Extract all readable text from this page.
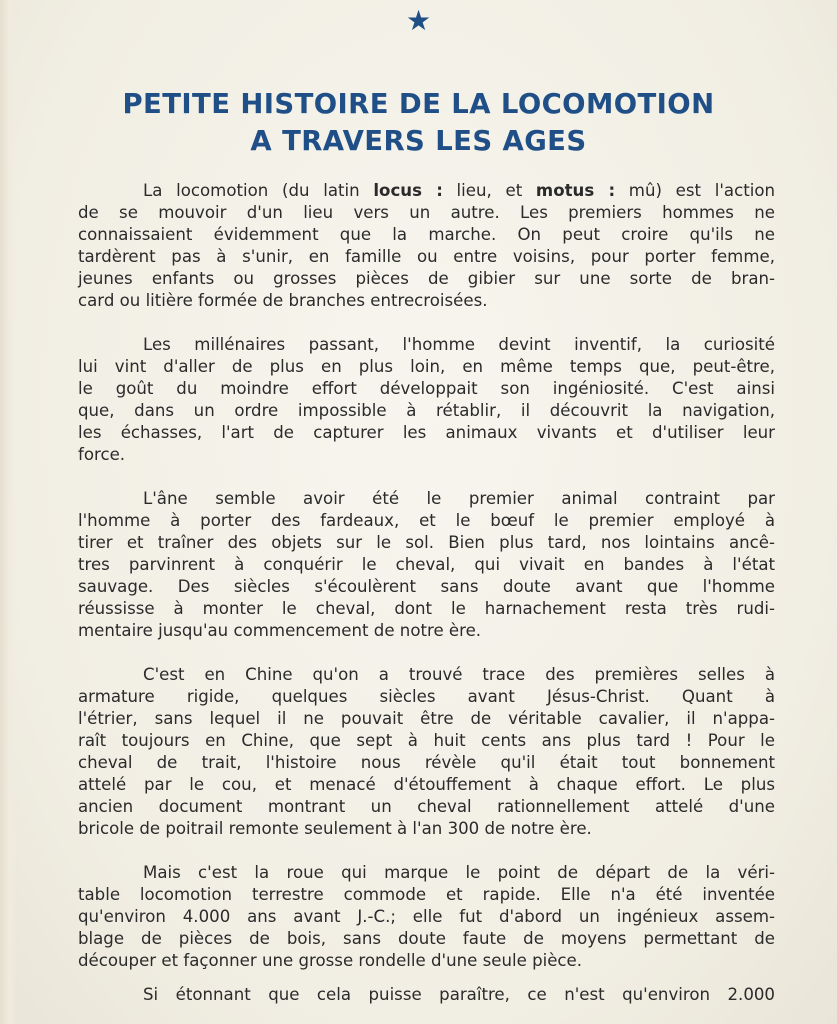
★
PETITE HISTOIRE DE LA LOCOMOTION
A TRAVERS LES AGES
La locomotion (du latin locus : lieu, et motus : mû) est l'action
de se mouvoir d'un lieu vers un autre. Les premiers hommes ne
connaissaient évidemment que la marche. On peut croire qu'ils ne
tardèrent pas à s'unir, en famille ou entre voisins, pour porter femme,
jeunes enfants ou grosses pièces de gibier sur une sorte de bran-
card ou litière formée de branches entrecroisées.
Les millénaires passant, l'homme devint inventif, la curiosité
lui vint d'aller de plus en plus loin, en même temps que, peut-être,
le goût du moindre effort développait son ingéniosité. C'est ainsi
que, dans un ordre impossible à rétablir, il découvrit la navigation,
les échasses, l'art de capturer les animaux vivants et d'utiliser leur
force.
L'âne semble avoir été le premier animal contraint par
l'homme à porter des fardeaux, et le bœuf le premier employé à
tirer et traîner des objets sur le sol. Bien plus tard, nos lointains ancê-
tres parvinrent à conquérir le cheval, qui vivait en bandes à l'état
sauvage. Des siècles s'écoulèrent sans doute avant que l'homme
réussisse à monter le cheval, dont le harnachement resta très rudi-
mentaire jusqu'au commencement de notre ère.
C'est en Chine qu'on a trouvé trace des premières selles à
armature rigide, quelques siècles avant Jésus-Christ. Quant à
l'étrier, sans lequel il ne pouvait être de véritable cavalier, il n'appa-
raît toujours en Chine, que sept à huit cents ans plus tard ! Pour le
cheval de trait, l'histoire nous révèle qu'il était tout bonnement
attelé par le cou, et menacé d'étouffement à chaque effort. Le plus
ancien document montrant un cheval rationnellement attelé d'une
bricole de poitrail remonte seulement à l'an 300 de notre ère.
Mais c'est la roue qui marque le point de départ de la véri-
table locomotion terrestre commode et rapide. Elle n'a été inventée
qu'environ 4.000 ans avant J.-C.; elle fut d'abord un ingénieux assem-
blage de pièces de bois, sans doute faute de moyens permettant de
découper et façonner une grosse rondelle d'une seule pièce.
Si étonnant que cela puisse paraître, ce n'est qu'environ 2.000
